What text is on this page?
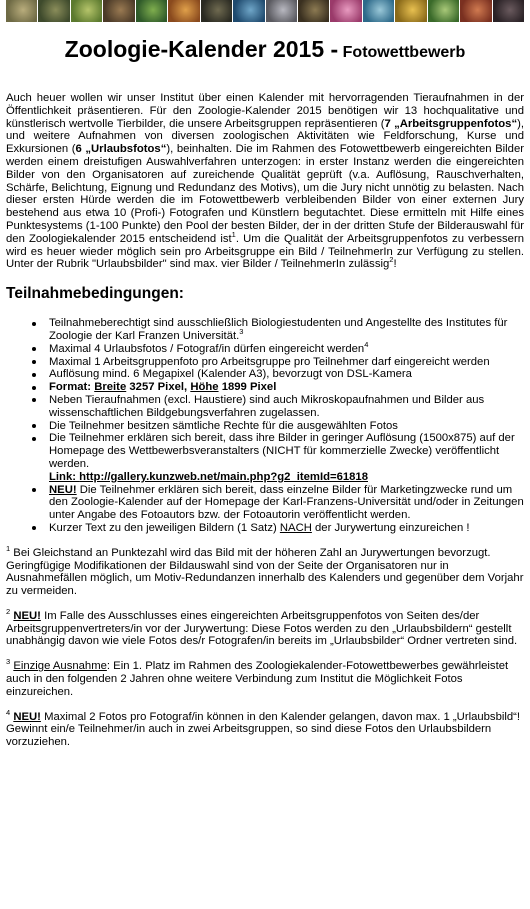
Zoologie-Kalender 2015 - Fotowettbewerb

Auch heuer wollen wir unser Institut über einen Kalender mit hervorragenden Tieraufnahmen in der Öffentlichkeit präsentieren. Für den Zoologie-Kalender 2015 benötigen wir 13 hochqualitative und künstlerisch wertvolle Tierbilder, die unsere Arbeitsgruppen repräsentieren (7 „Arbeitsgruppenfotos“), und weitere Aufnahmen von diversen zoologischen Aktivitäten wie Feldforschung, Kurse und Exkursionen (6 „Urlaubsfotos“), beinhalten. Die im Rahmen des Fotowettbewerb eingereichten Bilder werden einem dreistufigen Auswahlverfahren unterzogen: in erster Instanz werden die eingereichten Bilder von den Organisatoren auf zureichende Qualität geprüft (v.a. Auflösung, Rauschverhalten, Schärfe, Belichtung, Eignung und Redundanz des Motivs), um die Jury nicht unnötig zu belasten. Nach dieser ersten Hürde werden die im Fotowettbewerb verbleibenden Bilder von einer externen Jury bestehend aus etwa 10 (Profi-) Fotografen und Künstlern begutachtet. Diese ermitteln mit Hilfe eines Punktesystems (1-100 Punkte) den Pool der besten Bilder, der in der dritten Stufe der Bilderauswahl für den Zoologiekalender 2015 entscheidend ist$^1$. Um die Qualität der Arbeitsgruppenfotos zu verbessern wird es heuer wieder möglich sein pro Arbeitsgruppe ein Bild / TeilnehmerIn zur Verfügung zu stellen. Unter der Rubrik "Urlaubsbilder" sind max. vier Bilder / TeilnehmerIn zulässig$^2$!

Teilnahmebedingungen:
Teilnahmeberechtigt sind ausschließlich Biologiestudenten und Angestellte des Institutes für Zoologie der Karl Franzen Universität.$^3$
Maximal 4 Urlaubsfotos / Fotograf/in dürfen eingereicht werden$^4$
Maximal 1 Arbeitsgruppenfoto pro Arbeitsgruppe pro Teilnehmer darf eingereicht werden
Auflösung mind. 6 Megapixel (Kalender A3), bevorzugt von DSL-Kamera
Format: Breite 3257 Pixel, Höhe 1899 Pixel
Neben Tieraufnahmen (excl. Haustiere) sind auch Mikroskopaufnahmen und Bilder aus wissenschaftlichen Bildgebungsverfahren zugelassen.
Die Teilnehmer besitzen sämtliche Rechte für die ausgewählten Fotos
Die Teilnehmer erklären sich bereit, dass ihre Bilder in geringer Auflösung (1500x875) auf der Homepage des Wettbewerbsveranstalters (NICHT für kommerzielle Zwecke) veröffentlicht werden.
Link: http://gallery.kunzweb.net/main.php?g2_itemId=61818
NEU! Die Teilnehmer erklären sich bereit, dass einzelne Bilder für Marketingzwecke rund um den Zoologie-Kalender auf der Homepage der Karl-Franzens-Universität und/oder in Zeitungen unter Angabe des Fotoautors bzw. der Fotoautorin veröffentlicht werden.
Kurzer Text zu den jeweiligen Bildern (1 Satz) NACH der Jurywertung einzureichen !

$^1$ Bei Gleichstand an Punktezahl wird das Bild mit der höheren Zahl an Jurywertungen bevorzugt. Geringfügige Modifikationen der Bildauswahl sind von der Seite der Organisatoren nur in Ausnahmefällen möglich, um Motiv-Redundanzen innerhalb des Kalenders und gegenüber dem Vorjahr zu vermeiden.

$^2$ NEU! Im Falle des Ausschlusses eines eingereichten Arbeitsgruppenfotos von Seiten des/der Arbeitsgruppenvertreters/in vor der Jurywertung: Diese Fotos werden zu den „Urlaubsbildern“ gestellt unabhängig davon wie viele Fotos des/r Fotografen/in bereits im „Urlaubsbilder“ Ordner vertreten sind.

$^3$ Einzige Ausnahme: Ein 1. Platz im Rahmen des Zoologiekalender-Fotowettbewerbes gewährleistet auch in den folgenden 2 Jahren ohne weitere Verbindung zum Institut die Möglichkeit Fotos einzureichen.

$^4$ NEU! Maximal 2 Fotos pro Fotograf/in können in den Kalender gelangen, davon max. 1 „Urlaubsbild“! Gewinnt ein/e Teilnehmer/in auch in zwei Arbeitsgruppen, so sind diese Fotos den Urlaubsbildern vorzuziehen.
